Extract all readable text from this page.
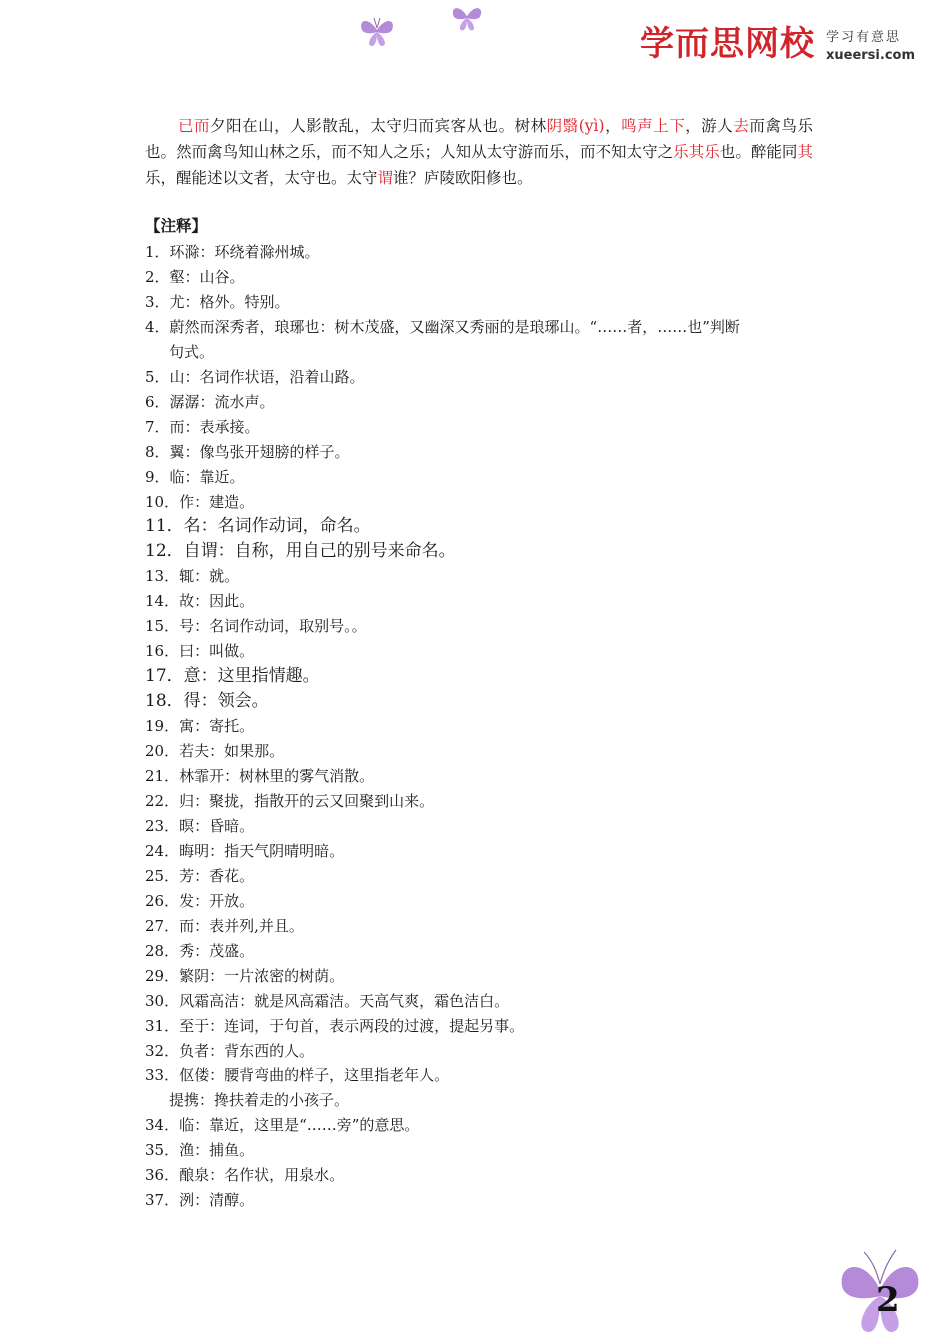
学而思网校 学习有意思
xueersi.com

已而夕阳在山，人影散乱，太守归而宾客从也。树林阴翳(yì)，鸣声上下，游人去而禽鸟乐也。然而禽鸟知山林之乐，而不知人之乐；人知从太守游而乐，而不知太守之乐其乐也。醉能同其乐，醒能述以文者，太守也。太守谓谁？庐陵欧阳修也。

【注释】
1．环滁：环绕着滁州城。
2．壑：山谷。
3．尤：格外。特别。
4．蔚然而深秀者，琅琊也：树木茂盛，又幽深又秀丽的是琅琊山。“……者，……也”判断
句式。
5．山：名词作状语，沿着山路。
6．潺潺：流水声。
7．而：表承接。
8．翼：像鸟张开翅膀的样子。
9．临：靠近。
10．作：建造。
11．名：名词作动词，命名。
12．自谓：自称，用自己的别号来命名。
13．辄：就。
14．故：因此。
15．号：名词作动词，取别号。。
16．曰：叫做。
17．意：这里指情趣。
18．得：领会。
19．寓：寄托。
20．若夫：如果那。
21．林霏开：树林里的雾气消散。
22．归：聚拢，指散开的云又回聚到山来。
23．暝：昏暗。
24．晦明：指天气阴晴明暗。
25．芳：香花。
26．发：开放。
27．而：表并列,并且。
28．秀：茂盛。
29．繁阴：一片浓密的树荫。
30．风霜高洁：就是风高霜洁。天高气爽，霜色洁白。
31．至于：连词，于句首，表示两段的过渡，提起另事。
32．负者：背东西的人。
33．伛偻：腰背弯曲的样子，这里指老年人。
提携：搀扶着走的小孩子。
34．临：靠近，这里是“……旁”的意思。
35．渔：捕鱼。
36．酿泉：名作状，用泉水。
37．洌：清醇。
2
